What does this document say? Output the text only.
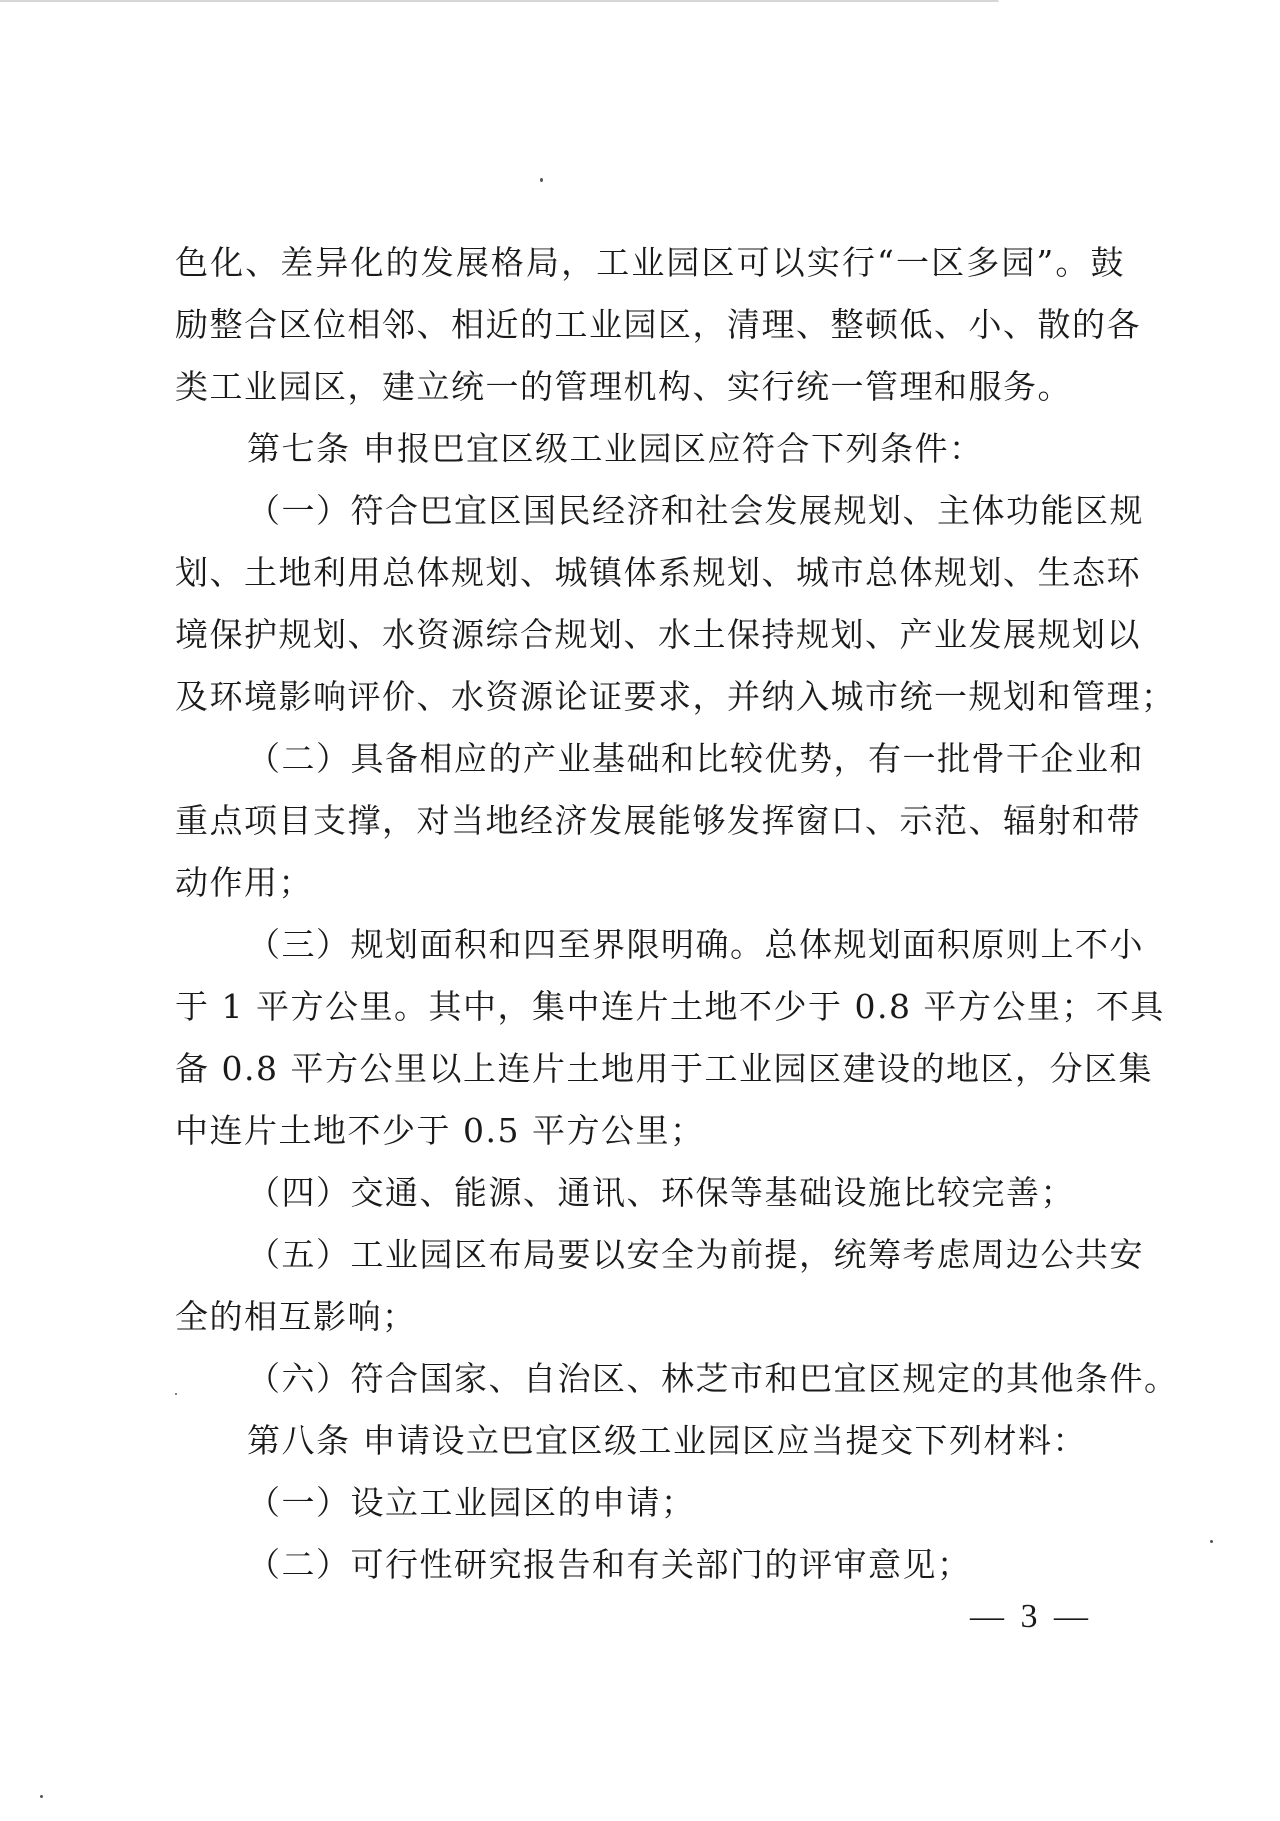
色化、差异化的发展格局，工业园区可以实行“一区多园”。鼓
励整合区位相邻、相近的工业园区，清理、整顿低、小、散的各
类工业园区，建立统一的管理机构、实行统一管理和服务。
第七条 申报巴宜区级工业园区应符合下列条件：
（一）符合巴宜区国民经济和社会发展规划、主体功能区规
划、土地利用总体规划、城镇体系规划、城市总体规划、生态环
境保护规划、水资源综合规划、水土保持规划、产业发展规划以
及环境影响评价、水资源论证要求，并纳入城市统一规划和管理；
（二）具备相应的产业基础和比较优势，有一批骨干企业和
重点项目支撑，对当地经济发展能够发挥窗口、示范、辐射和带
动作用；
（三）规划面积和四至界限明确。总体规划面积原则上不小
于 1 平方公里。其中，集中连片土地不少于 0.8 平方公里；不具
备 0.8 平方公里以上连片土地用于工业园区建设的地区，分区集
中连片土地不少于 0.5 平方公里；
（四）交通、能源、通讯、环保等基础设施比较完善；
（五）工业园区布局要以安全为前提，统筹考虑周边公共安
全的相互影响；
（六）符合国家、自治区、林芝市和巴宜区规定的其他条件。
第八条 申请设立巴宜区级工业园区应当提交下列材料：
（一）设立工业园区的申请；
（二）可行性研究报告和有关部门的评审意见；
— 3 —
